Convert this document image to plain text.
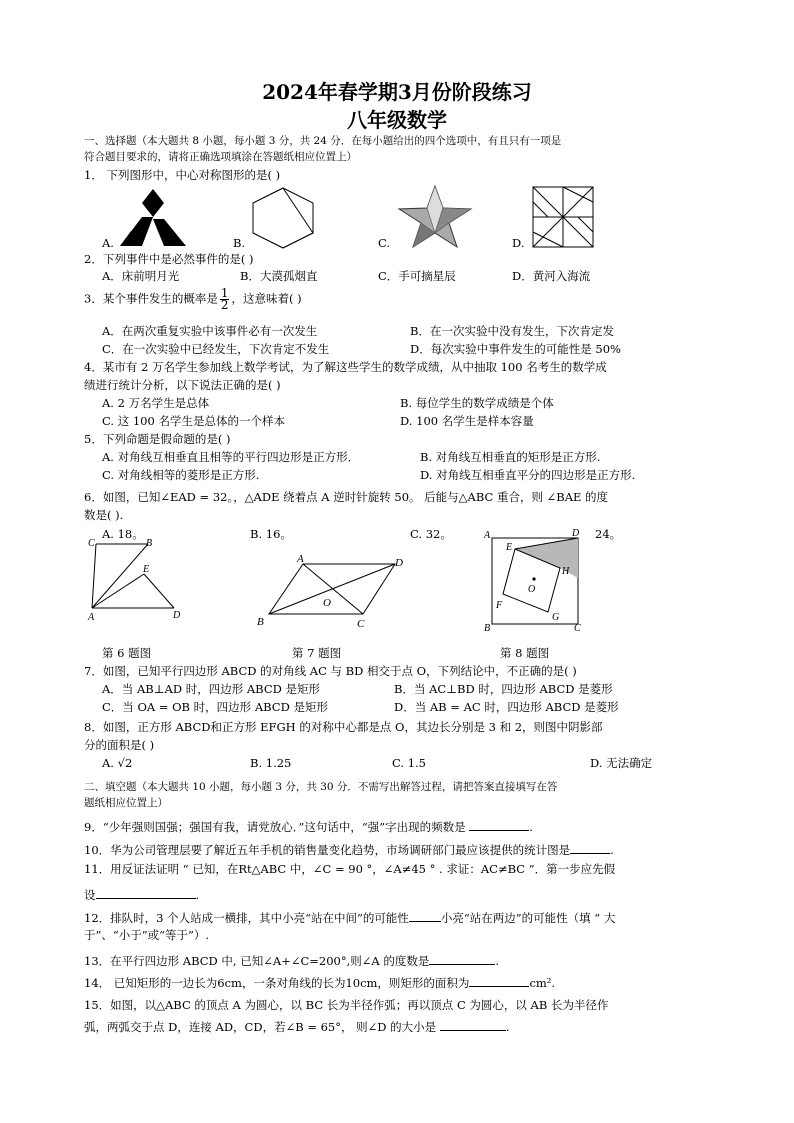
2024年春学期3月份阶段练习
八年级数学
一、选择题（本大题共 8 小题，每小题 3 分，共 24 分．在每小题给出的四个选项中，有且只有一项是
符合题目要求的，请将正确选项填涂在答题纸相应位置上）
1． 下列图形中，中心对称图形的是( )
A.	B.	C.	D.
2．下列事件中是必然事件的是( )
A．床前明月光	B．大漠孤烟直	C．手可摘星辰	D．黄河入海流
3．某个事件发生的概率是 $\frac{1}{2}$ ，这意味着( )
A．在两次重复实验中该事件必有一次发生	B．在一次实验中没有发生，下次肯定发
C．在一次实验中已经发生，下次肯定不发生	D．每次实验中事件发生的可能性是 50%
4．某市有 2 万名学生参加线上数学考试，为了解这些学生的数学成绩，从中抽取 100 名考生的数学成
绩进行统计分析，以下说法正确的是( )
A. 2 万名学生是总体	B. 每位学生的数学成绩是个体
C. 这 100 名学生是总体的一个样本	D. 100 名学生是样本容量
5．下列命题是假命题的是( )
A. 对角线互相垂直且相等的平行四边形是正方形．	B. 对角线互相垂直的矩形是正方形.
C. 对角线相等的菱形是正方形.	D. 对角线互相垂直平分的四边形是正方形.
6．如图，已知∠EAD = 32。，△ADE 绕着点 A 逆时针旋转 50。 后能与△ABC 重合，则 ∠BAE 的度
数是( ).
A. 18。	B. 16。	C. 32。	24。
A
C	B
E
D
第 6 题图
A	D
B	C
O
第 7 题图
A	D
B	C
E
H
G
F
O
第 8 题图
7．如图，已知平行四边形 ABCD 的对角线 AC 与 BD 相交于点 O，下列结论中，不正确的是( )
A．当 AB⊥AD 时，四边形 ABCD 是矩形	B．当 AC⊥BD 时，四边形 ABCD 是菱形
C．当 OA = OB 时，四边形 ABCD 是矩形	D．当 AB = AC 时，四边形 ABCD 是菱形
8．如图，正方形 ABCD和正方形 EFGH 的对称中心都是点 O，其边长分别是 3 和 2，则图中阴影部
分的面积是( )
A. √2	B. 1.25	C. 1.5	D. 无法确定
二、填空题（本大题共 10 小题，每小题 3 分，共 30 分．不需写出解答过程，请把答案直接填写在答
题纸相应位置上）
9．“少年强则国强；强国有我，请党放心．”这句话中，“强”字出现的频数是	.
10．华为公司管理层要了解近五年手机的销售量变化趋势，市场调研部门最应该提供的统计图是	.
11．用反证法证明 “ 已知，在Rt△ABC 中，∠C = 90 °，∠A≠45 ° . 求证：AC≠BC ”．第一步应先假
设	.
12．排队时，3 个人站成一横排，其中小亮“站在中间”的可能性	小亮“站在两边”的可能性（填 “ 大
于”、“小于”或“等于”）.
13．在平行四边形 ABCD 中, 已知∠A+∠C=200°,则∠A 的度数是	.
14． 已知矩形的一边长为6cm，一条对角线的长为10cm，则矩形的面积为	cm².
15．如图，以△ABC 的顶点 A 为圆心，以 BC 长为半径作弧；再以顶点 C 为圆心，以 AB 长为半径作
弧，两弧交于点 D，连接 AD，CD，若∠B = 65°， 则∠D 的大小是	.
